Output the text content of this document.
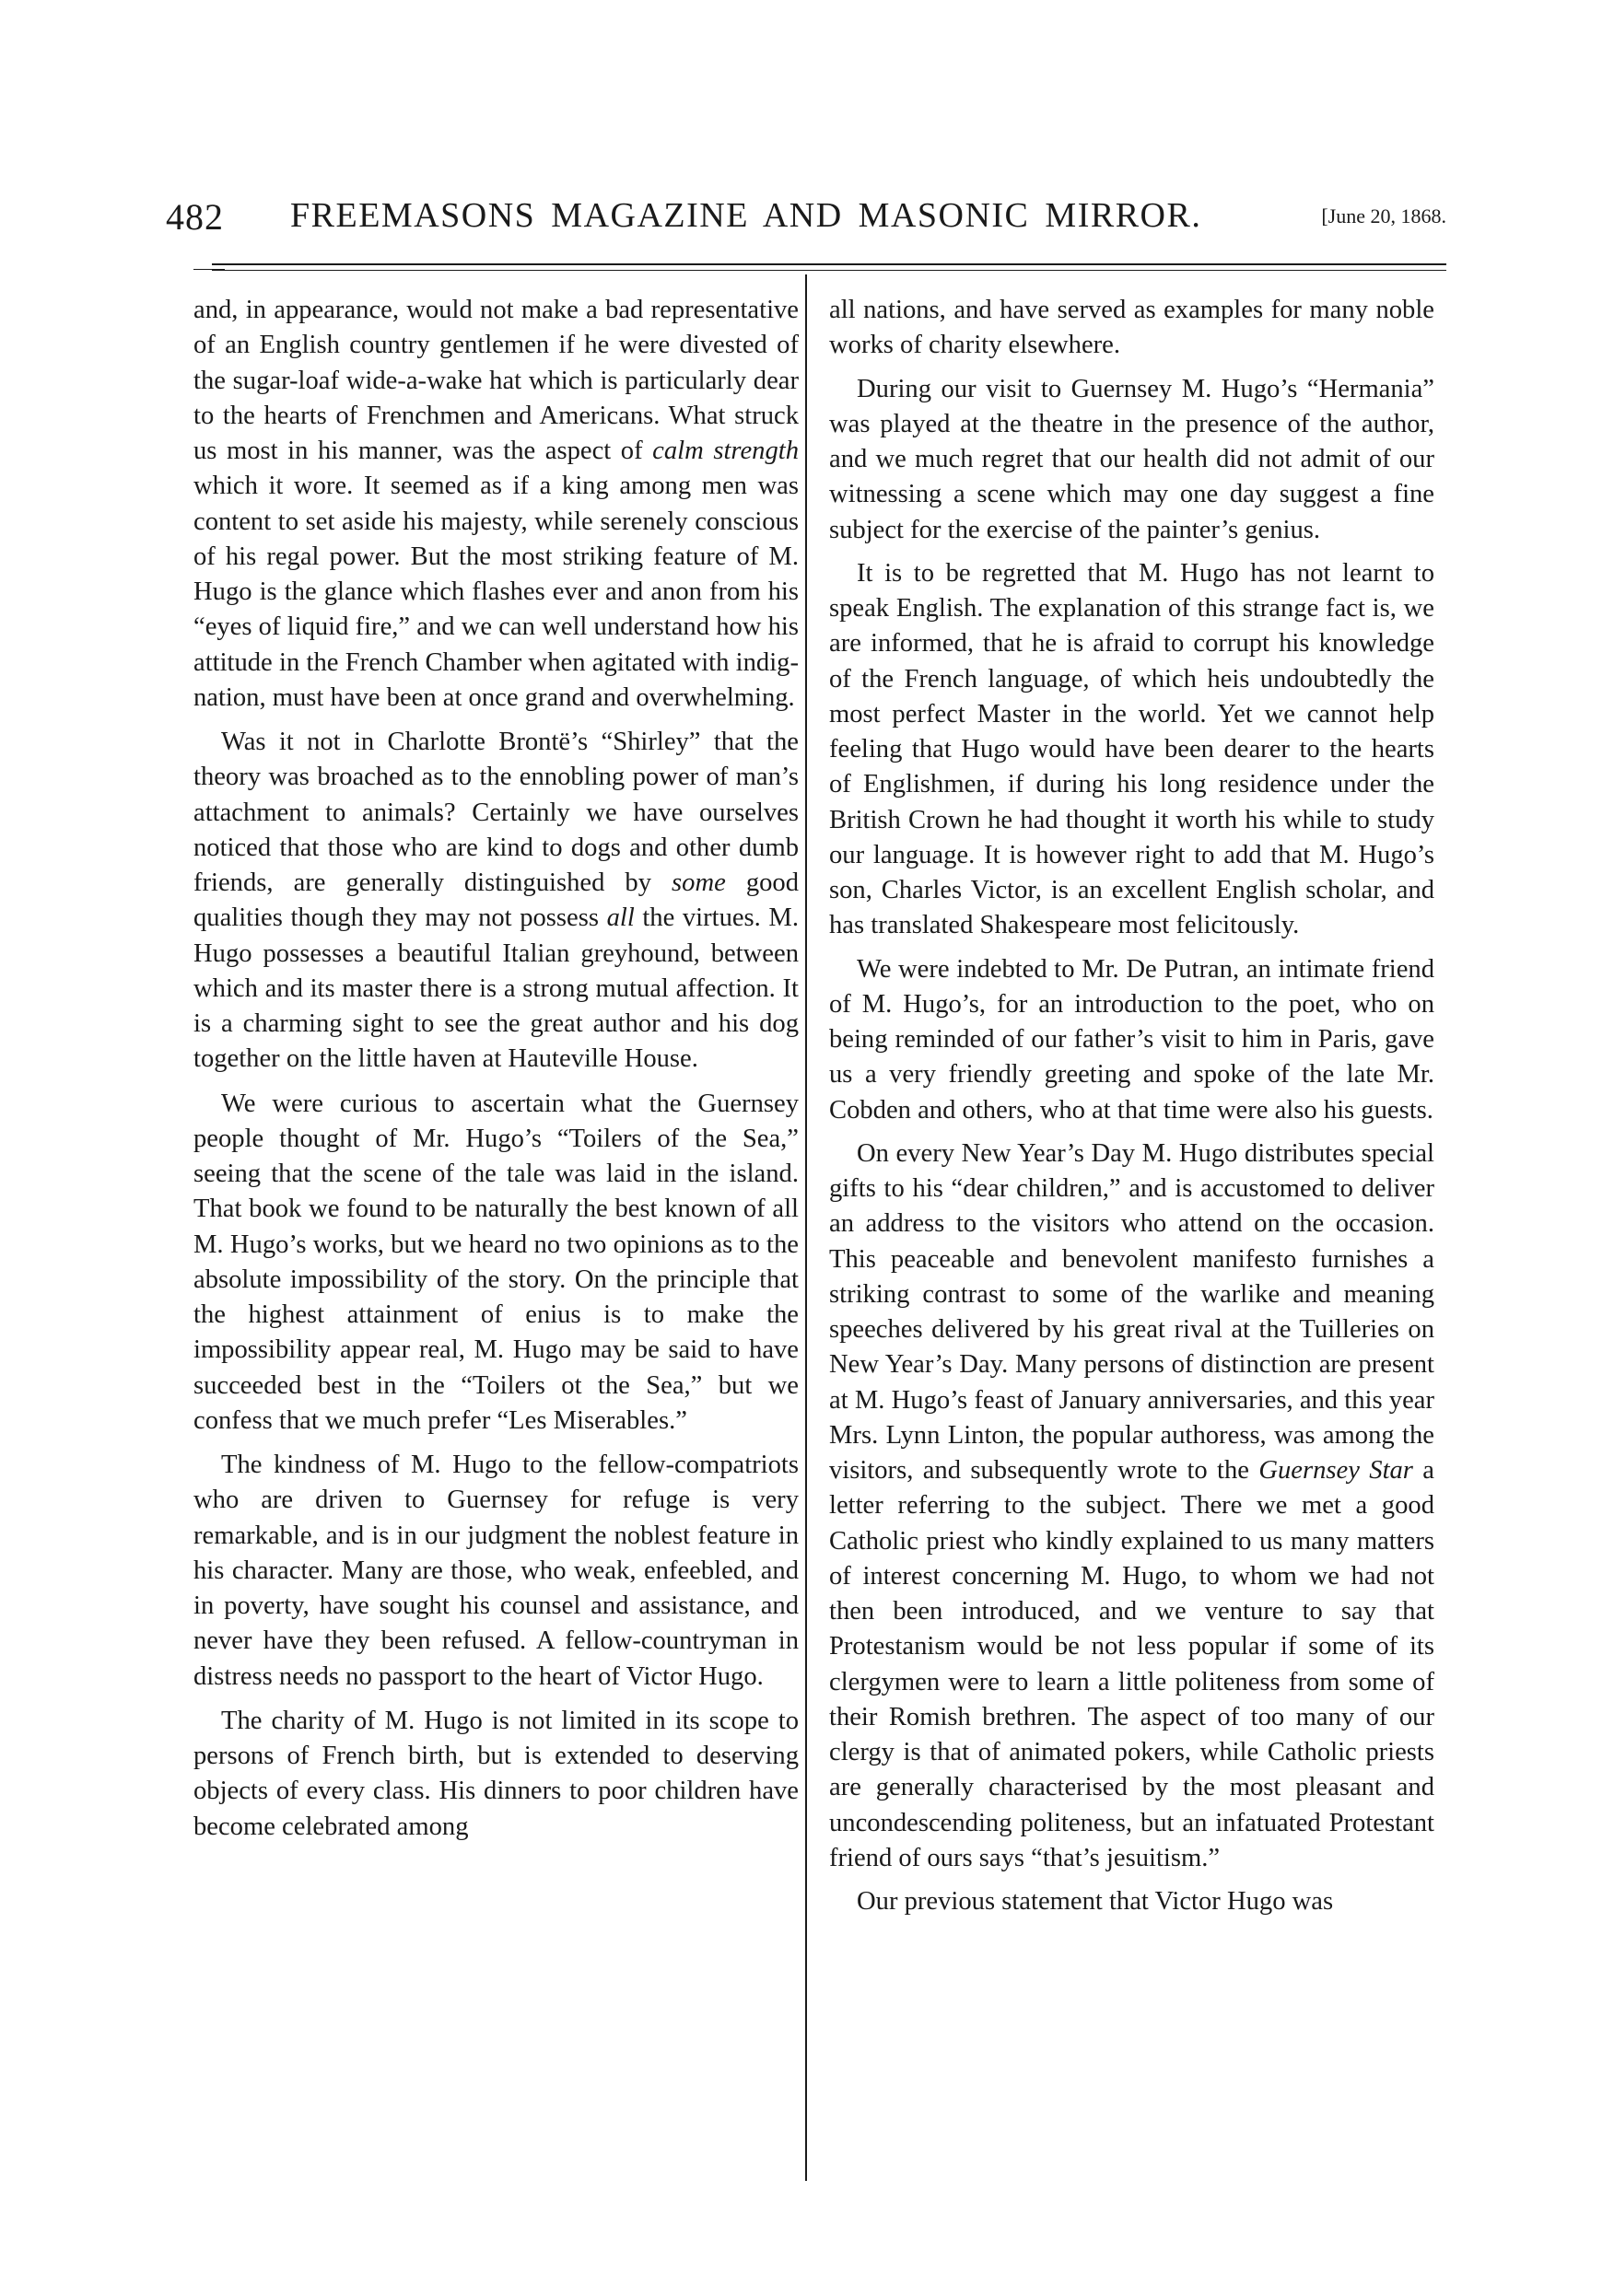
482 FREEMASONS MAGAZINE AND MASONIC MIRROR.	[June 20, 1868.

and, in appearance, would not make a bad representative of an English country gentlemen if he were divested of the sugar-loaf wide-a-wake hat which is particularly dear to the hearts of Frenchmen and Americans. What struck us most in his manner, was the aspect of calm strength which it wore. It seemed as if a king among men was content to set aside his majesty, while serenely conscious of his regal power. But the most striking feature of M. Hugo is the glance which flashes ever and anon from his “eyes of liquid fire,” and we can well understand how his attitude in the French Chamber when agitated with indignation, must have been at once grand and overwhelming.

Was it not in Charlotte Brontë’s “Shirley” that the theory was broached as to the ennobling power of man’s attachment to animals? Certainly we have ourselves noticed that those who are kind to dogs and other dumb friends, are generally distinguished by some good qualities though they may not possess all the virtues. M. Hugo possesses a beautiful Italian greyhound, between which and its master there is a strong mutual affection. It is a charming sight to see the great author and his dog together on the little haven at Hauteville House.

We were curious to ascertain what the Guernsey people thought of Mr. Hugo’s “Toilers of the Sea,” seeing that the scene of the tale was laid in the island. That book we found to be naturally the best known of all M. Hugo’s works, but we heard no two opinions as to the absolute impossibility of the story. On the principle that the highest attainment of enius is to make the impossibility appear real, M. Hugo may be said to have succeeded best in the “Toilers ot the Sea,” but we confess that we much prefer “Les Miserables.”

The kindness of M. Hugo to the fellow-compatriots who are driven to Guernsey for refuge is very remarkable, and is in our judgment the noblest feature in his character. Many are those, who weak, enfeebled, and in poverty, have sought his counsel and assistance, and never have they been refused. A fellow-countryman in distress needs no passport to the heart of Victor Hugo.

The charity of M. Hugo is not limited in its scope to persons of French birth, but is extended to deserving objects of every class. His dinners to poor children have become celebrated among

all nations, and have served as examples for many noble works of charity elsewhere.

During our visit to Guernsey M. Hugo’s “Hermania” was played at the theatre in the presence of the author, and we much regret that our health did not admit of our witnessing a scene which may one day suggest a fine subject for the exercise of the painter’s genius.

It is to be regretted that M. Hugo has not learnt to speak English. The explanation of this strange fact is, we are informed, that he is afraid to corrupt his knowledge of the French language, of which heis undoubtedly the most perfect Master in the world. Yet we cannot help feeling that Hugo would have been dearer to the hearts of Englishmen, if during his long residence under the British Crown he had thought it worth his while to study our language. It is however right to add that M. Hugo’s son, Charles Victor, is an excellent English scholar, and has translated Shakespeare most felicitously.

We were indebted to Mr. De Putran, an intimate friend of M. Hugo’s, for an introduction to the poet, who on being reminded of our father’s visit to him in Paris, gave us a very friendly greeting and spoke of the late Mr. Cobden and others, who at that time were also his guests.

On every New Year’s Day M. Hugo distributes special gifts to his “dear children,” and is accustomed to deliver an address to the visitors who attend on the occasion. This peaceable and benevolent manifesto furnishes a striking contrast to some of the warlike and meaning speeches delivered by his great rival at the Tuilleries on New Year’s Day. Many persons of distinction are present at M. Hugo’s feast of January anniversaries, and this year Mrs. Lynn Linton, the popular authoress, was among the visitors, and subsequently wrote to the Guernsey Star a letter referring to the subject. There we met a good Catholic priest who kindly explained to us many matters of interest concerning M. Hugo, to whom we had not then been introduced, and we venture to say that Protestanism would be not less popular if some of its clergymen were to learn a little politeness from some of their Romish brethren. The aspect of too many of our clergy is that of animated pokers, while Catholic priests are generally characterised by the most pleasant and uncondescending politeness, but an infatuated Protestant friend of ours says “that’s jesuitism.”

Our previous statement that Victor Hugo was
